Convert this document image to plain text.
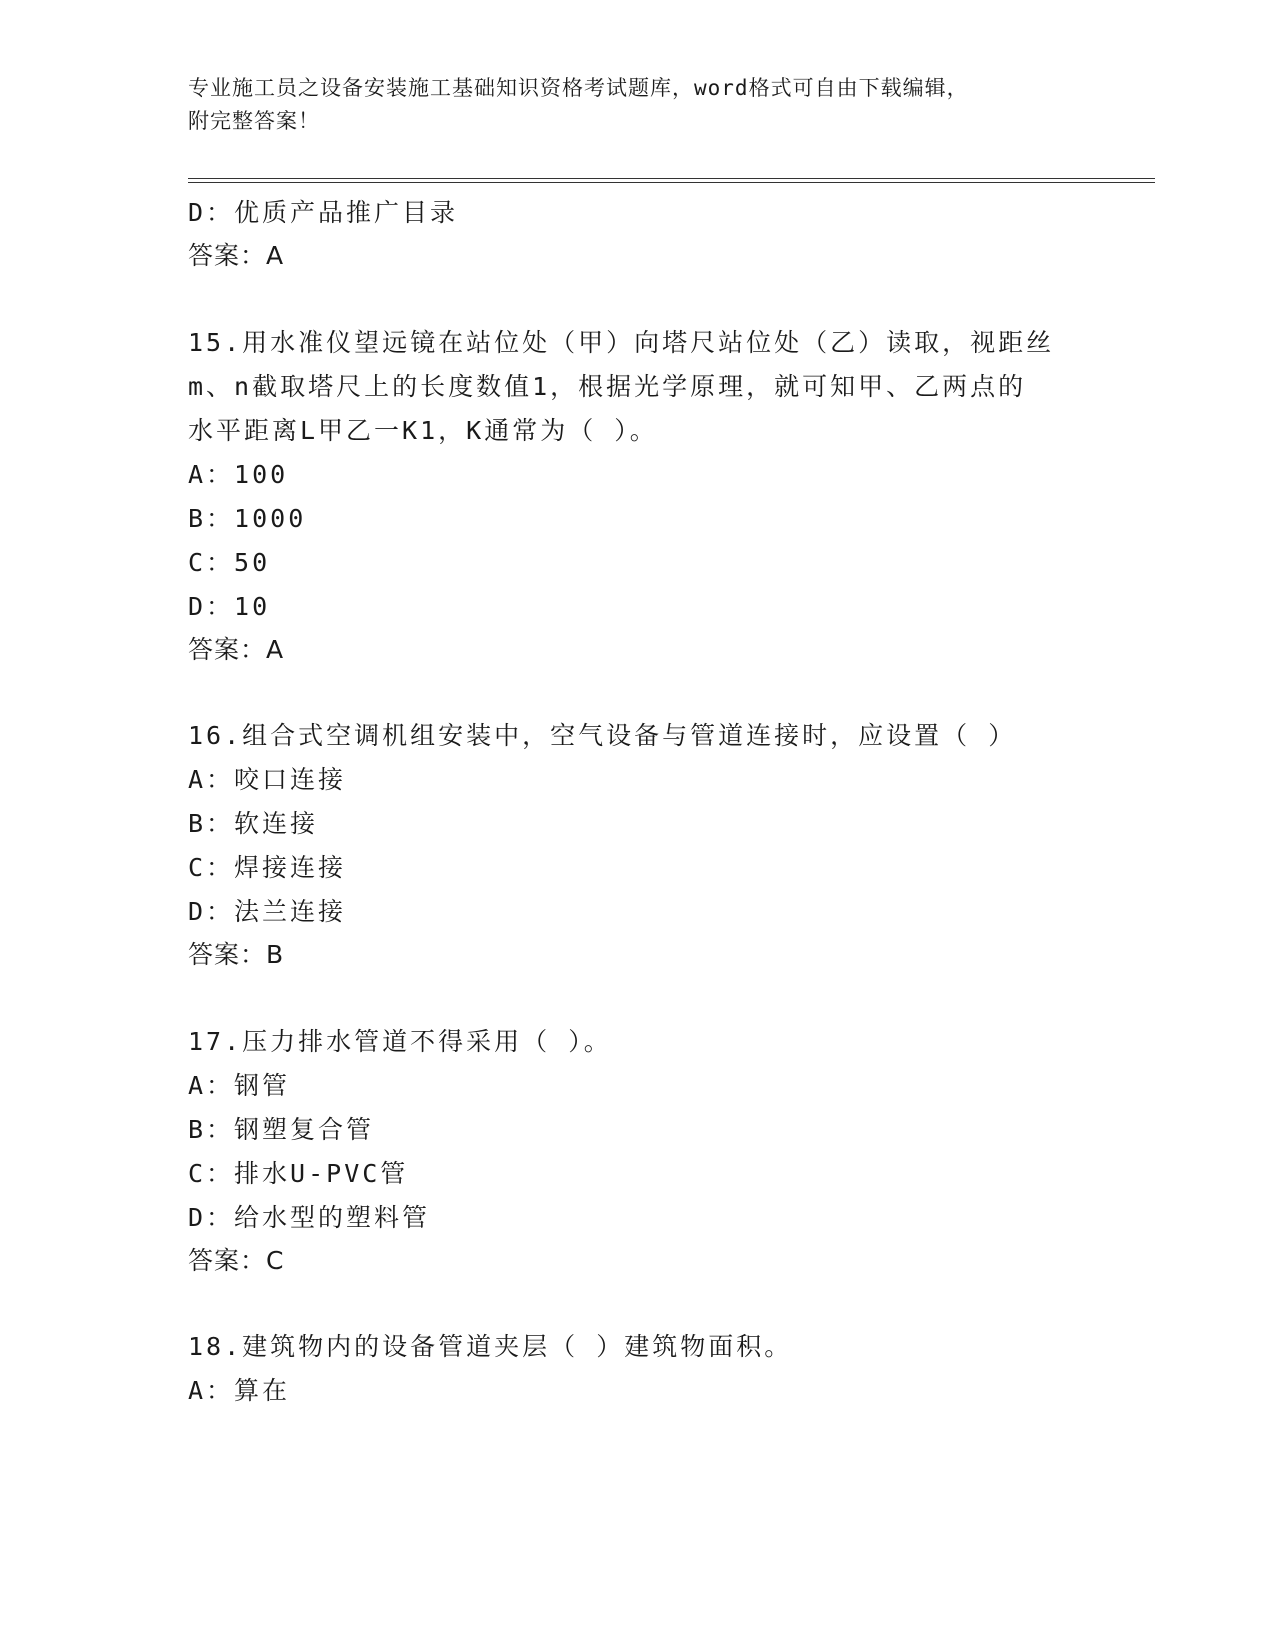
专业施工员之设备安装施工基础知识资格考试题库，word格式可自由下载编辑，
附完整答案！
D：优质产品推广目录
答案：A
15.用水准仪望远镜在站位处（甲）向塔尺站位处（乙）读取，视距丝
m、n截取塔尺上的长度数值1，根据光学原理，就可知甲、乙两点的
水平距离L甲乙一K1，K通常为（ ）。
A：100
B：1000
C：50
D：10
答案：A
16.组合式空调机组安装中，空气设备与管道连接时，应设置（ ）
A：咬口连接
B：软连接
C：焊接连接
D：法兰连接
答案：B
17.压力排水管道不得采用（ ）。
A：钢管
B：钢塑复合管
C：排水U-PVC管
D：给水型的塑料管
答案：C
18.建筑物内的设备管道夹层（ ）建筑物面积。
A：算在
